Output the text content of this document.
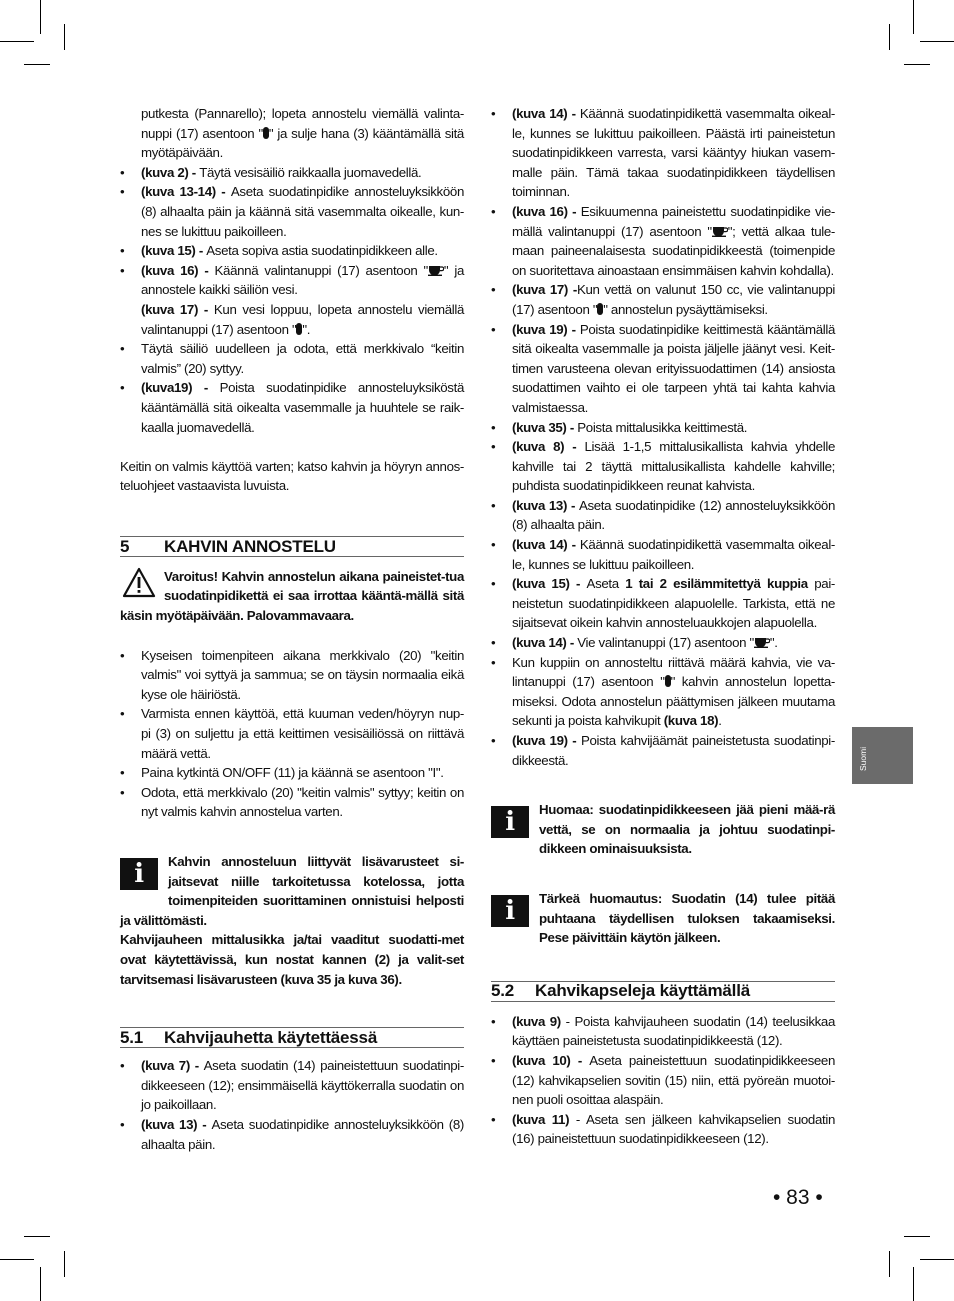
putkesta (Pannarello); lopeta annostelu viemällä valinta-nuppi (17) asentoon " " ja sulje hana (3) kääntämällä sitä myötäpäivään.
• (kuva 2) - Täytä vesisäiliö raikkaalla juomavedellä.
• (kuva 13-14) - Aseta suodatinpidike annosteluyksikköön (8) alhaalta päin ja käännä sitä vasemmalta oikealle, kun-nes se lukittuu paikoilleen.
• (kuva 15) - Aseta sopiva astia suodatinpidikkeen alle.
• (kuva 16) - Käännä valintanuppi (17) asentoon " " ja annostele kaikki säiliön vesi.
(kuva 17) - Kun vesi loppuu, lopeta annostelu viemällä valintanuppi (17) asentoon " ".
• Täytä säiliö uudelleen ja odota, että merkkivalo “keitin valmis” (20) syttyy.
• (kuva19) - Poista suodatinpidike annosteluyksiköstä kääntämällä sitä oikealta vasemmalle ja huuhtele se raik-kaalla juomavedellä.

Keitin on valmis käyttöä varten; katso kahvin ja höyryn annos-teluohjeet vastaavista luvuista.

5	KAHVIN ANNOSTELU
Varoitus! Kahvin annostelun aikana paineistet-tua suodatinpidikettä ei saa irrottaa kääntä-mällä sitä käsin myötäpäivään. Palovammavaara.
• Kyseisen toimenpiteen aikana merkkivalo (20) "keitin valmis" voi syttyä ja sammua; se on täysin normaalia eikä kyse ole häiriöstä.
• Varmista ennen käyttöä, että kuuman veden/höyryn nup-pi (3) on suljettu ja että keittimen vesisäiliössä on riittävä määrä vettä.
• Paina kytkintä ON/OFF (11) ja käännä se asentoon "I".
• Odota, että merkkivalo (20) "keitin valmis" syttyy; keitin on nyt valmis kahvin annostelua varten.
i	Kahvin annosteluun liittyvät lisävarusteet si-jaitsevat niille tarkoitetussa kotelossa, jotta toimenpiteiden suorittaminen onnistuisi helposti ja välittömästi.
Kahvijauheen mittalusikka ja/tai vaaditut suodatti-met ovat käytettävissä, kun nostat kannen (2) ja valit-set tarvitsemasi lisävarusteen (kuva 35 ja kuva 36).
5.1	Kahvijauhetta käytettäessä
• (kuva 7) - Aseta suodatin (14) paineistettuun suodatinpi-dikkeeseen (12); ensimmäisellä käyttökerralla suodatin on jo paikoillaan.
• (kuva 13) - Aseta suodatinpidike annosteluyksikköön (8) alhaalta päin.
• (kuva 14) - Käännä suodatinpidikettä vasemmalta oikeal-le, kunnes se lukittuu paikoilleen. Päästä irti paineistetun suodatinpidikkeen varresta, varsi kääntyy hiukan vasem-malle päin. Tämä takaa suodatinpidikkeen täydellisen toiminnan.
• (kuva 16) - Esikuumenna paineistettu suodatinpidike vie-mällä valintanuppi (17) asentoon " "; vettä alkaa tule-maan paineenalaisesta suodatinpidikkeestä (toimenpide on suoritettava ainoastaan ensimmäisen kahvin kohdalla).
• (kuva 17) -Kun vettä on valunut 150 cc, vie valintanuppi (17) asentoon " " annostelun pysäyttämiseksi.
• (kuva 19) - Poista suodatinpidike keittimestä kääntämällä sitä oikealta vasemmalle ja poista jäljelle jäänyt vesi. Keit-timen varusteena olevan erityissuodattimen (14) ansiosta suodattimen vaihto ei ole tarpeen yhtä tai kahta kahvia valmistaessa.
• (kuva 35) - Poista mittalusikka keittimestä.
• (kuva 8) - Lisää 1-1,5 mittalusikallista kahvia yhdelle kahville tai 2 täyttä mittalusikallista kahdelle kahville; puhdista suodatinpidikkeen reunat kahvista.
• (kuva 13) - Aseta suodatinpidike (12) annosteluyksikköön (8) alhaalta päin.
• (kuva 14) - Käännä suodatinpidikettä vasemmalta oikeal-le, kunnes se lukittuu paikoilleen.
• (kuva 15) - Aseta 1 tai 2 esilämmitettyä kuppia pai-neistetun suodatinpidikkeen alapuolelle. Tarkista, että ne sijaitsevat oikein kahvin annosteluaukkojen alapuolella.
• (kuva 14) - Vie valintanuppi (17) asentoon " ".
• Kun kuppiin on annosteltu riittävä määrä kahvia, vie va-lintanuppi (17) asentoon " " kahvin annostelun lopetta-miseksi. Odota annostelun päättymisen jälkeen muutama sekunti ja poista kahvikupit (kuva 18).
• (kuva 19) - Poista kahvijäämät paineistetusta suodatinpi-dikkeestä.
i	Huomaa: suodatinpidikkeeseen jää pieni mää-rä vettä, se on normaalia ja johtuu suodatinpi-dikkeen ominaisuuksista.
i	Tärkeä huomautus: Suodatin (14) tulee pitää puhtaana täydellisen tuloksen takaamiseksi. Pese päivittäin käytön jälkeen.
5.2	Kahvikapseleja käyttämällä
• (kuva 9) - Poista kahvijauheen suodatin (14) teelusikkaa käyttäen paineistetusta suodatinpidikkeestä (12).
• (kuva 10) - Aseta paineistettuun suodatinpidikkeeseen (12) kahvikapselien sovitin (15) niin, että pyöreän muotoi-nen puoli osoittaa alaspäin.
• (kuva 11) - Aseta sen jälkeen kahvikapselien suodatin (16) paineistettuun suodatinpidikkeeseen (12).
Suomi
• 83 •
